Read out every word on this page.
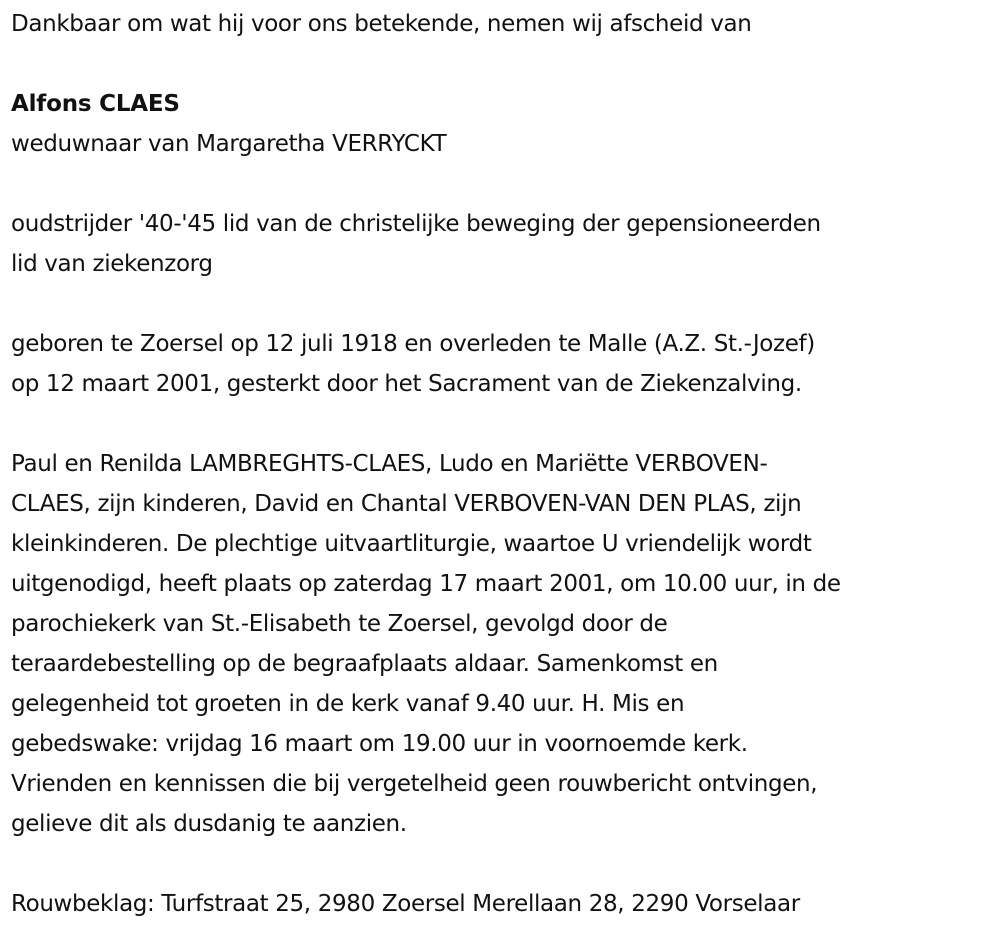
Dankbaar om wat hij voor ons betekende, nemen wij afscheid van
Alfons CLAES
weduwnaar van Margaretha VERRYCKT
oudstrijder '40-'45 lid van de christelijke beweging der gepensioneerden
lid van ziekenzorg
geboren te Zoersel op 12 juli 1918 en overleden te Malle (A.Z. St.-Jozef)
op 12 maart 2001, gesterkt door het Sacrament van de Ziekenzalving.
Paul en Renilda LAMBREGHTS-CLAES, Ludo en Mariëtte VERBOVEN-
CLAES, zijn kinderen, David en Chantal VERBOVEN-VAN DEN PLAS, zijn
kleinkinderen. De plechtige uitvaartliturgie, waartoe U vriendelijk wordt
uitgenodigd, heeft plaats op zaterdag 17 maart 2001, om 10.00 uur, in de
parochiekerk van St.-Elisabeth te Zoersel, gevolgd door de
teraardebestelling op de begraafplaats aldaar. Samenkomst en
gelegenheid tot groeten in de kerk vanaf 9.40 uur. H. Mis en
gebedswake: vrijdag 16 maart om 19.00 uur in voornoemde kerk.
Vrienden en kennissen die bij vergetelheid geen rouwbericht ontvingen,
gelieve dit als dusdanig te aanzien.
Rouwbeklag: Turfstraat 25, 2980 Zoersel Merellaan 28, 2290 Vorselaar
